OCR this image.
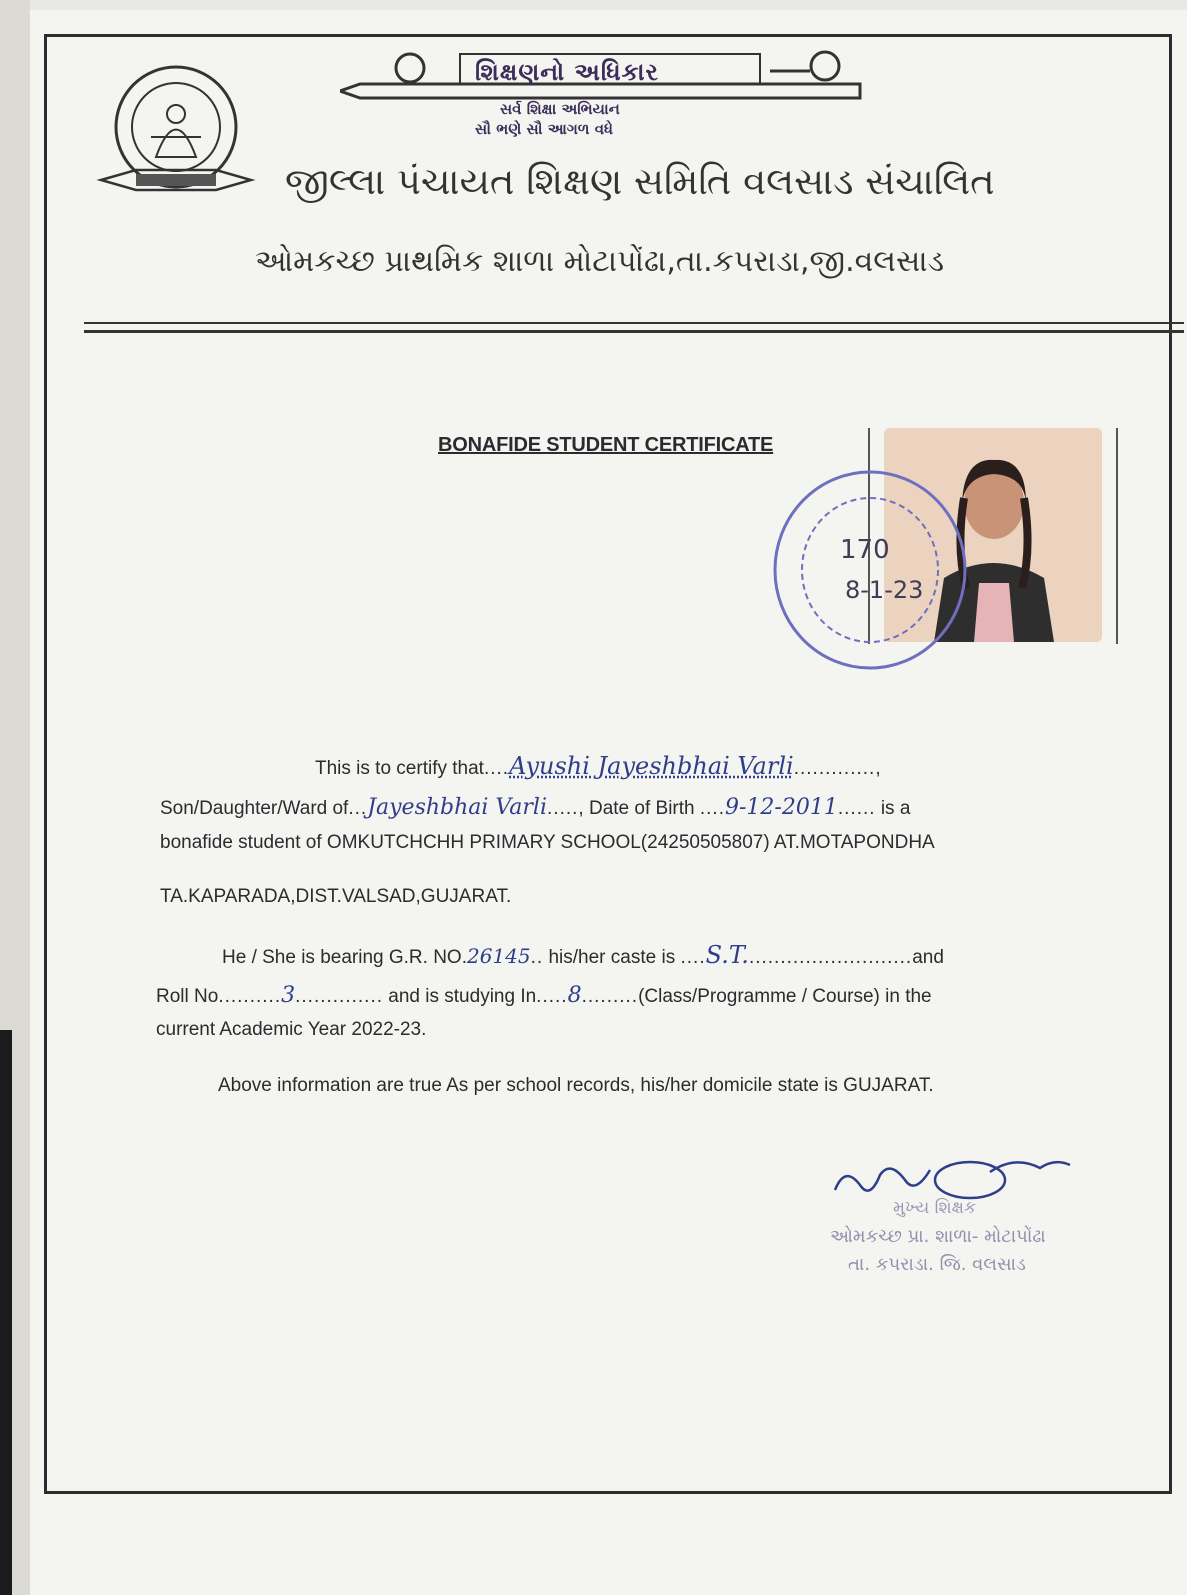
શિક્ષણનો અધિકાર
સર્વ શિક્ષા અભિયાન
સૌ ભણે સૌ આગળ વધે
જીલ્લા પંચાયત શિક્ષણ સમિતિ વલસાડ સંચાલિત
ઓમકચ્છ પ્રાથમિક શાળા મોટાપોંઢા,તા.કપરાડા,જી.વલસાડ
BONAFIDE STUDENT CERTIFICATE
170
8-1-23
This is to certify that....Ayushi Jayeshbhai Varli.............,
Son/Daughter/Ward of...Jayeshbhai Varli....., Date of Birth ....9-12-2011...... is a
bonafide student of OMKUTCHCHH PRIMARY SCHOOL(24250505807) AT.MOTAPONDHA
TA.KAPARADA,DIST.VALSAD,GUJARAT.
He / She is bearing G.R. NO.26145.. his/her caste is ....S.T...........................and
Roll No..........3.............. and is studying In.....8.........(Class/Programme / Course) in the
current Academic Year 2022-23.
Above information are true As per school records, his/her domicile state is GUJARAT.
મુખ્ય શિક્ષક
ઓમકચ્છ પ્રા. શાળા- મોટાપોંઢા
તા. કપરાડા. જિ. વલસાડ
